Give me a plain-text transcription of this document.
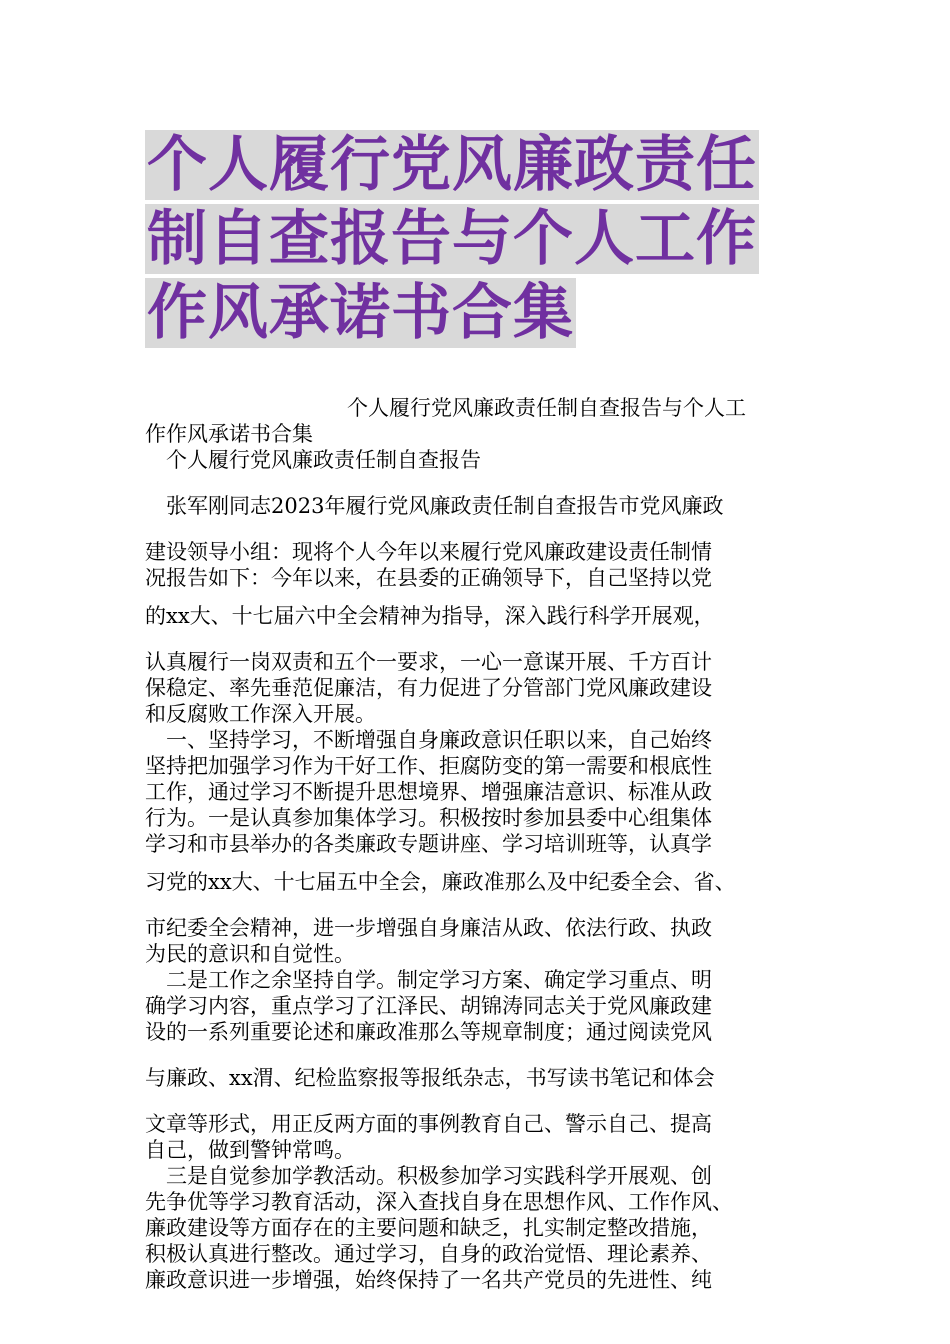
个人履行党风廉政责任制自查报告与个人工作作风承诺书合集
个人履行党风廉政责任制自查报告与个人工
作作风承诺书合集
个人履行党风廉政责任制自查报告
张军刚同志2023年履行党风廉政责任制自查报告市党风廉政
建设领导小组：现将个人今年以来履行党风廉政建设责任制情
况报告如下：今年以来，在县委的正确领导下，自己坚持以党
的xx大、十七届六中全会精神为指导，深入践行科学开展观，
认真履行一岗双责和五个一要求，一心一意谋开展、千方百计
保稳定、率先垂范促廉洁，有力促进了分管部门党风廉政建设
和反腐败工作深入开展。
一、坚持学习，不断增强自身廉政意识任职以来，自己始终
坚持把加强学习作为干好工作、拒腐防变的第一需要和根底性
工作，通过学习不断提升思想境界、增强廉洁意识、标准从政
行为。一是认真参加集体学习。积极按时参加县委中心组集体
学习和市县举办的各类廉政专题讲座、学习培训班等，认真学
习党的xx大、十七届五中全会，廉政准那么及中纪委全会、省、
市纪委全会精神，进一步增强自身廉洁从政、依法行政、执政
为民的意识和自觉性。
二是工作之余坚持自学。制定学习方案、确定学习重点、明
确学习内容，重点学习了江泽民、胡锦涛同志关于党风廉政建
设的一系列重要论述和廉政准那么等规章制度；通过阅读党风
与廉政、xx渭、纪检监察报等报纸杂志，书写读书笔记和体会
文章等形式，用正反两方面的事例教育自己、警示自己、提高
自己，做到警钟常鸣。
三是自觉参加学教活动。积极参加学习实践科学开展观、创
先争优等学习教育活动，深入查找自身在思想作风、工作作风、
廉政建设等方面存在的主要问题和缺乏，扎实制定整改措施，
积极认真进行整改。通过学习，自身的政治觉悟、理论素养、
廉政意识进一步增强，始终保持了一名共产党员的先进性、纯
